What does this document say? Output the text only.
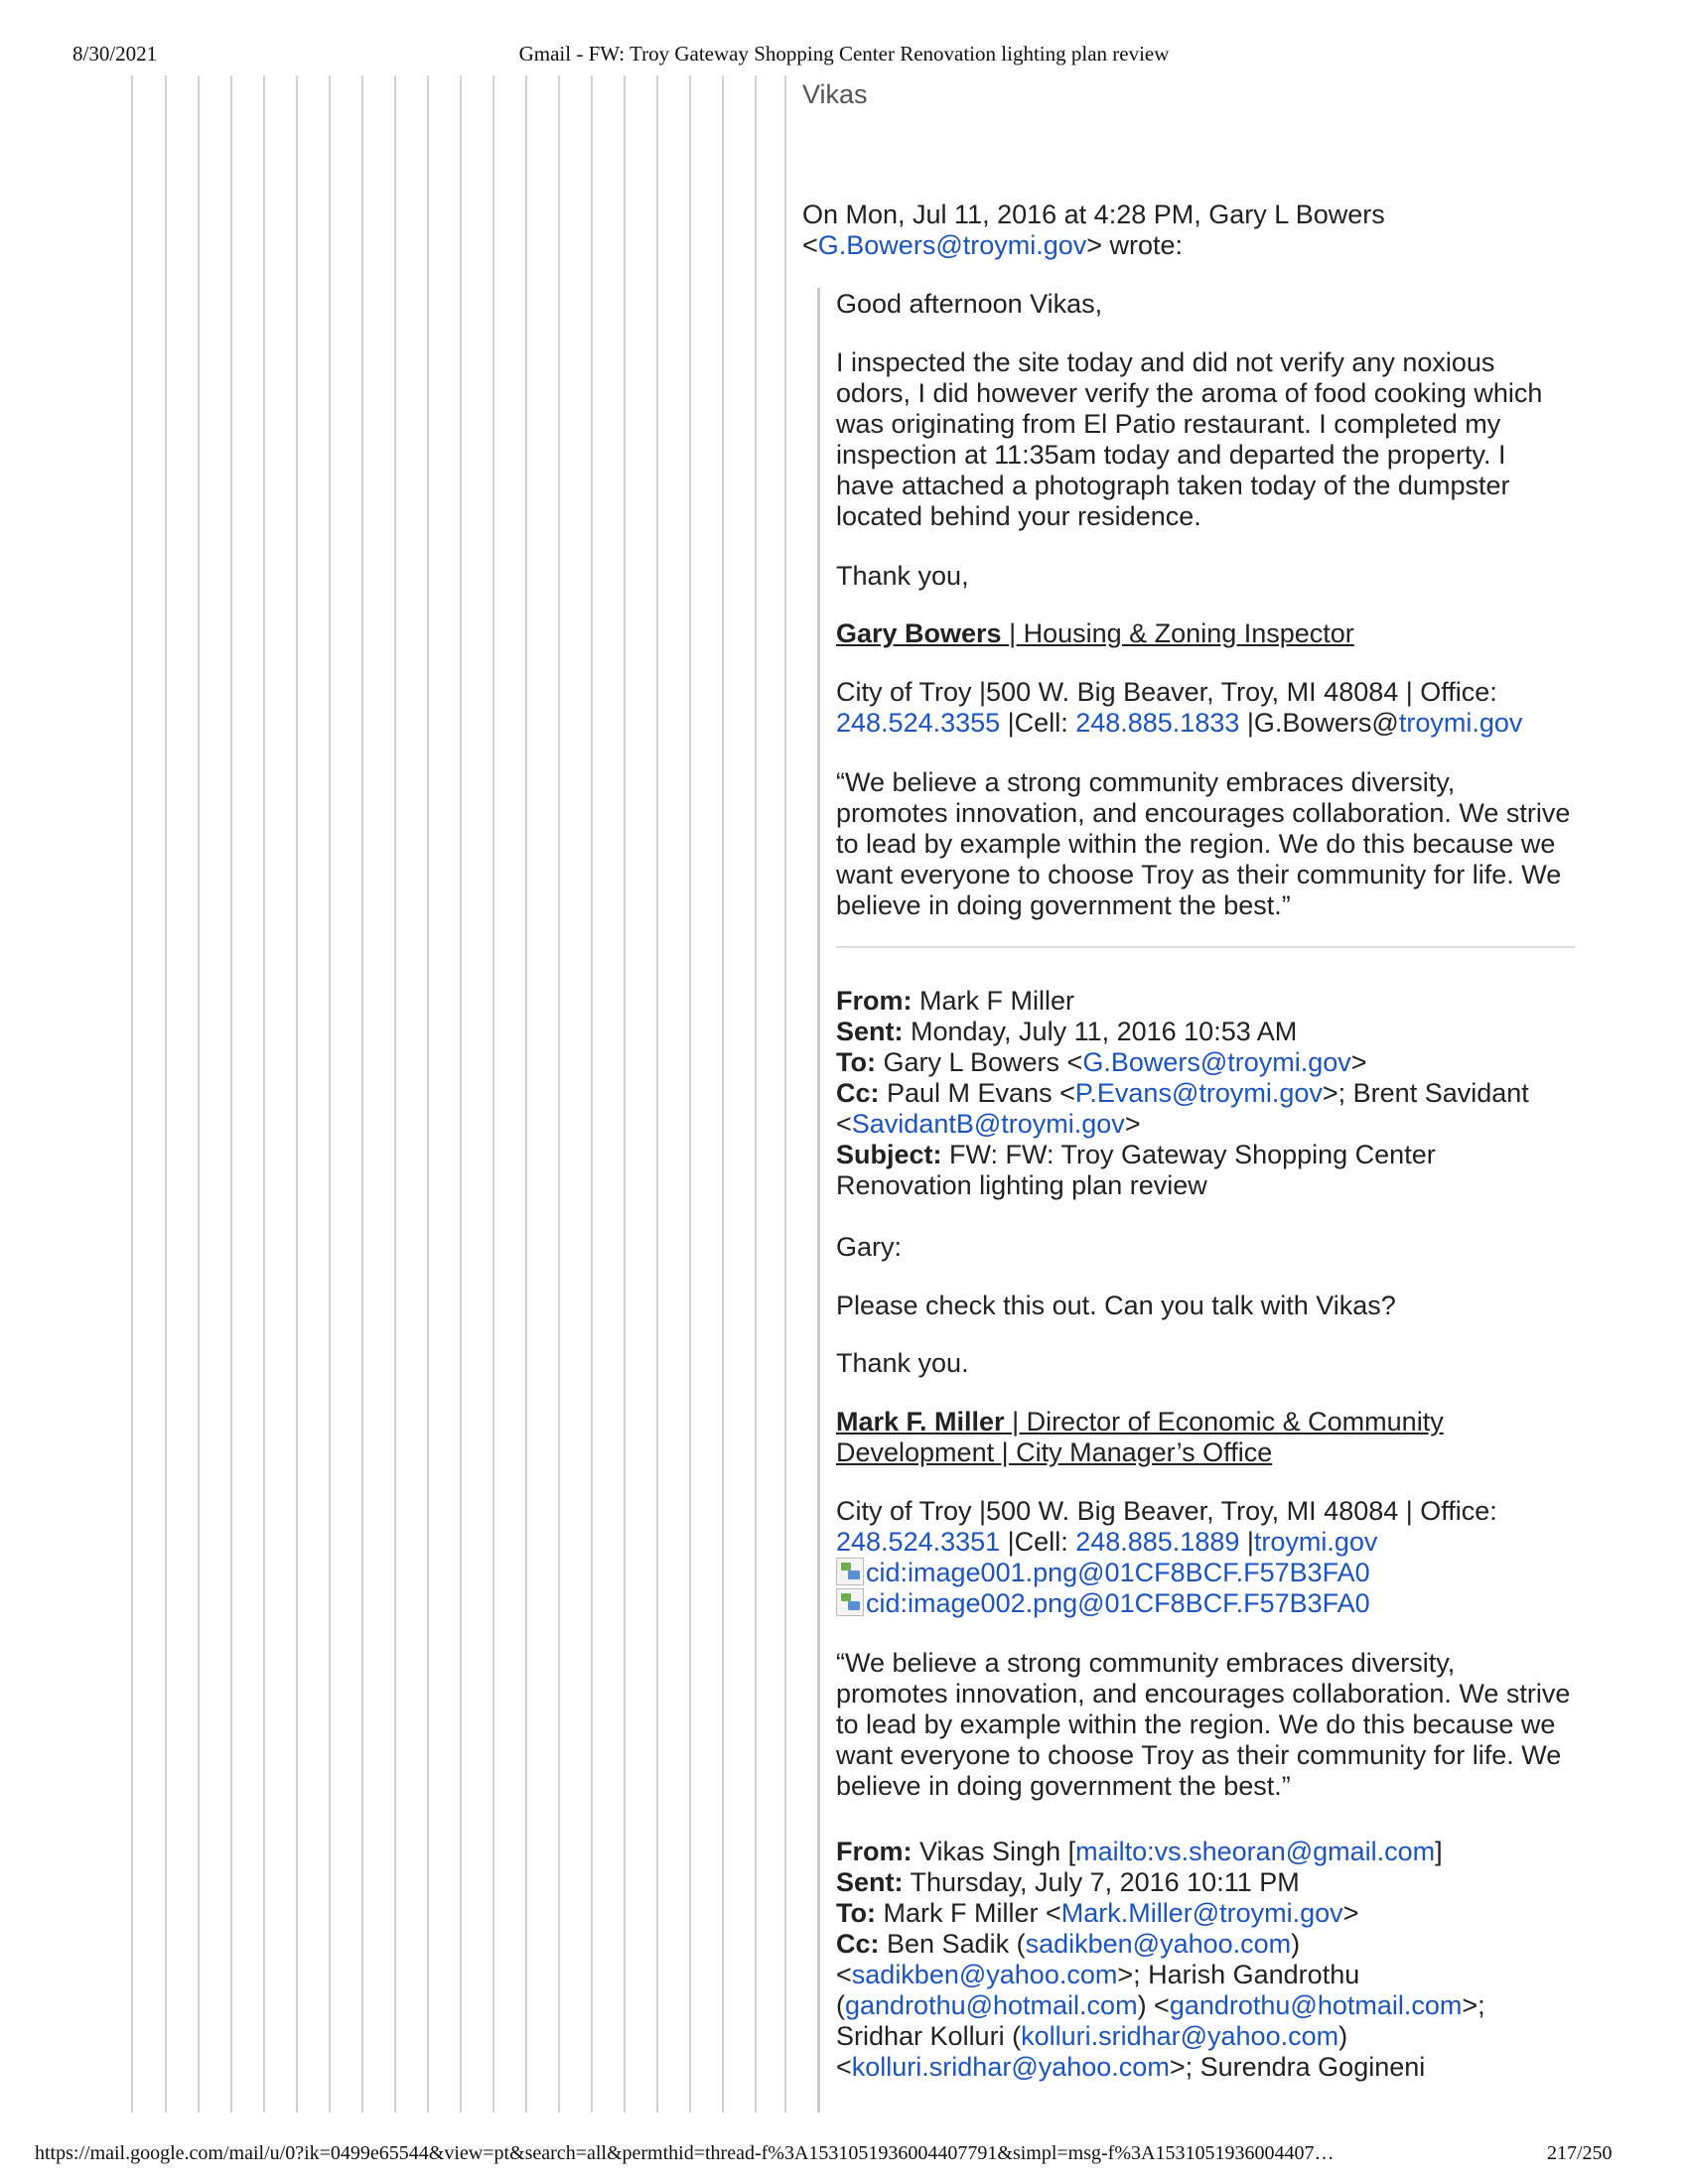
8/30/2021	Gmail - FW: Troy Gateway Shopping Center Renovation lighting plan review
Vikas
On Mon, Jul 11, 2016 at 4:28 PM, Gary L Bowers
<G.Bowers@troymi.gov> wrote:
Good afternoon Vikas,
I inspected the site today and did not verify any noxious
odors, I did however verify the aroma of food cooking which
was originating from El Patio restaurant. I completed my
inspection at 11:35am today and departed the property. I
have attached a photograph taken today of the dumpster
located behind your residence.
Thank you,
Gary Bowers | Housing & Zoning Inspector
City of Troy |500 W. Big Beaver, Troy, MI 48084 | Office:
248.524.3355 |Cell: 248.885.1833 |G.Bowers@troymi.gov
“We believe a strong community embraces diversity,
promotes innovation, and encourages collaboration. We strive
to lead by example within the region. We do this because we
want everyone to choose Troy as their community for life. We
believe in doing government the best.”
From: Mark F Miller
Sent: Monday, July 11, 2016 10:53 AM
To: Gary L Bowers <G.Bowers@troymi.gov>
Cc: Paul M Evans <P.Evans@troymi.gov>; Brent Savidant
<SavidantB@troymi.gov>
Subject: FW: FW: Troy Gateway Shopping Center
Renovation lighting plan review
Gary:
Please check this out. Can you talk with Vikas?
Thank you.
Mark F. Miller | Director of Economic & Community
Development | City Manager’s Office
City of Troy |500 W. Big Beaver, Troy, MI 48084 | Office:
248.524.3351 |Cell: 248.885.1889 |troymi.gov
cid:image001.png@01CF8BCF.F57B3FA0
cid:image002.png@01CF8BCF.F57B3FA0
“We believe a strong community embraces diversity,
promotes innovation, and encourages collaboration. We strive
to lead by example within the region. We do this because we
want everyone to choose Troy as their community for life. We
believe in doing government the best.”
From: Vikas Singh [mailto:vs.sheoran@gmail.com]
Sent: Thursday, July 7, 2016 10:11 PM
To: Mark F Miller <Mark.Miller@troymi.gov>
Cc: Ben Sadik (sadikben@yahoo.com)
<sadikben@yahoo.com>; Harish Gandrothu
(gandrothu@hotmail.com) <gandrothu@hotmail.com>;
Sridhar Kolluri (kolluri.sridhar@yahoo.com)
<kolluri.sridhar@yahoo.com>; Surendra Gogineni
https://mail.google.com/mail/u/0?ik=0499e65544&view=pt&search=all&permthid=thread-f%3A1531051936004407791&simpl=msg-f%3A1531051936004407…	217/250
